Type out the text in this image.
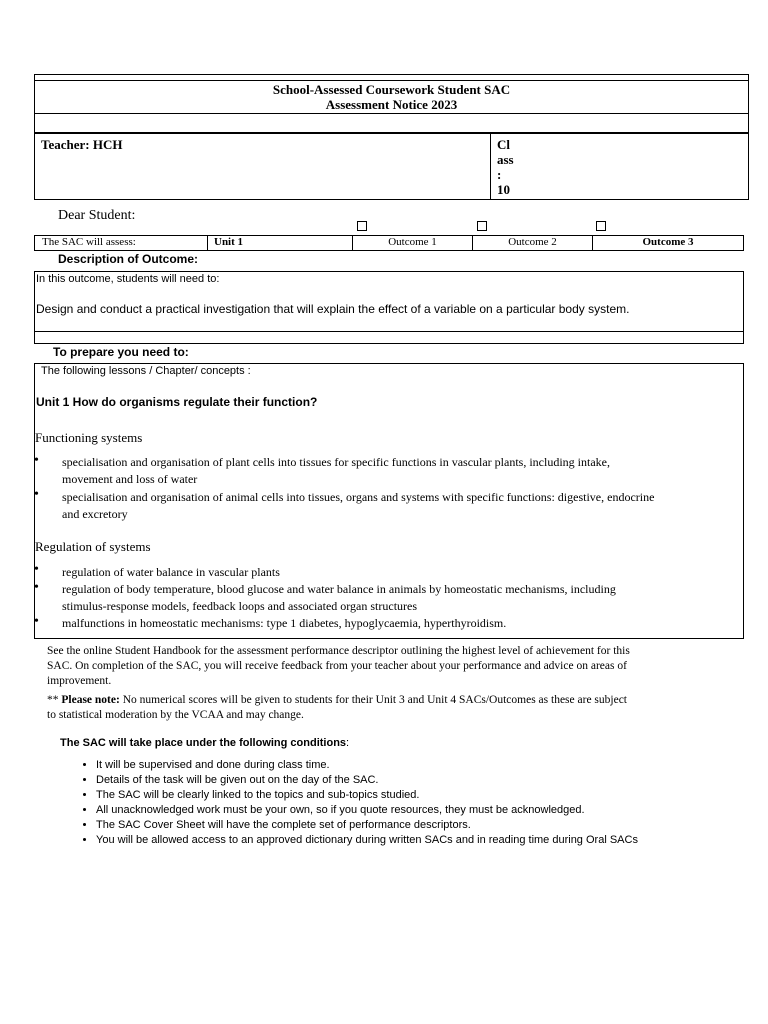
School-Assessed Coursework Student SAC
Assessment Notice 2023
Teacher: HCH	Cl
ass
:
10
Dear Student:
The SAC will assess:	Unit 1	Outcome 1	Outcome 2	Outcome 3
Description of Outcome:
In this outcome, students will need to:
Design and conduct a practical investigation that will explain the effect of a variable on a particular body system.
To prepare you need to:
The following lessons / Chapter/ concepts :
Unit 1 How do organisms regulate their function?
Functioning systems
Regulation of systems
• specialisation and organisation of plant cells into tissues for specific functions in vascular plants, including intake,
movement and loss of water
• specialisation and organisation of animal cells into tissues, organs and systems with specific functions: digestive, endocrine
and excretory
• regulation of water balance in vascular plants
• regulation of body temperature, blood glucose and water balance in animals by homeostatic mechanisms, including
stimulus-response models, feedback loops and associated organ structures
• malfunctions in homeostatic mechanisms: type 1 diabetes, hypoglycaemia, hyperthyroidism.
See the online Student Handbook for the assessment performance descriptor outlining the highest level of achievement for this
SAC. On completion of the SAC, you will receive feedback from your teacher about your performance and advice on areas of
improvement.
** Please note: No numerical scores will be given to students for their Unit 3 and Unit 4 SACs/Outcomes as these are subject
to statistical moderation by the VCAA and may change.
The SAC will take place under the following conditions:
• It will be supervised and done during class time.
• Details of the task will be given out on the day of the SAC.
• The SAC will be clearly linked to the topics and sub-topics studied.
• All unacknowledged work must be your own, so if you quote resources, they must be acknowledged.
• The SAC Cover Sheet will have the complete set of performance descriptors.
• You will be allowed access to an approved dictionary during written SACs and in reading time during Oral SACs
